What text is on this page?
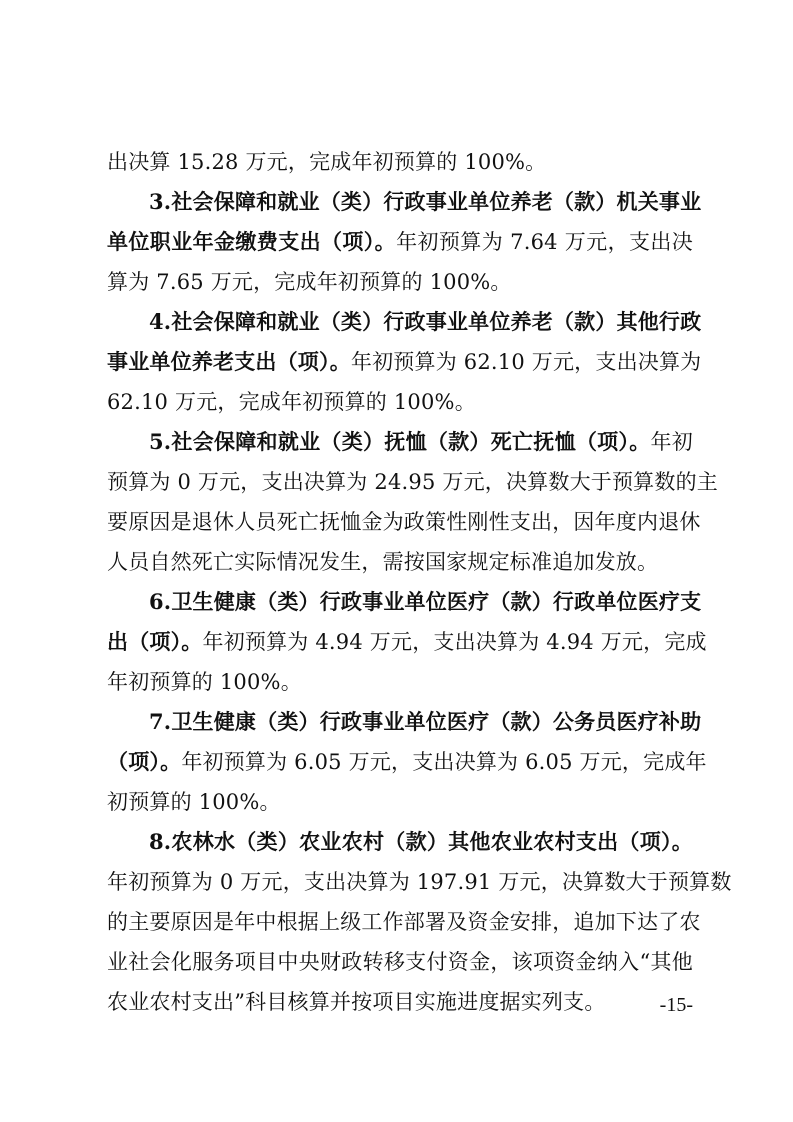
出决算 15.28 万元，完成年初预算的 100%。
3.社会保障和就业（类）行政事业单位养老（款）机关事业
单位职业年金缴费支出（项）。年初预算为 7.64 万元，支出决
算为 7.65 万元，完成年初预算的 100%。
4.社会保障和就业（类）行政事业单位养老（款）其他行政
事业单位养老支出（项）。年初预算为 62.10 万元，支出决算为
62.10 万元，完成年初预算的 100%。
5.社会保障和就业（类）抚恤（款）死亡抚恤（项）。年初
预算为 0 万元，支出决算为 24.95 万元，决算数大于预算数的主
要原因是退休人员死亡抚恤金为政策性刚性支出，因年度内退休
人员自然死亡实际情况发生，需按国家规定标准追加发放。
6.卫生健康（类）行政事业单位医疗（款）行政单位医疗支
出（项）。年初预算为 4.94 万元，支出决算为 4.94 万元，完成
年初预算的 100%。
7.卫生健康（类）行政事业单位医疗（款）公务员医疗补助
（项）。年初预算为 6.05 万元，支出决算为 6.05 万元，完成年
初预算的 100%。
8.农林水（类）农业农村（款）其他农业农村支出（项）。
年初预算为 0 万元，支出决算为 197.91 万元，决算数大于预算数
的主要原因是年中根据上级工作部署及资金安排，追加下达了农
业社会化服务项目中央财政转移支付资金，该项资金纳入“其他
农业农村支出”科目核算并按项目实施进度据实列支。	-15-
